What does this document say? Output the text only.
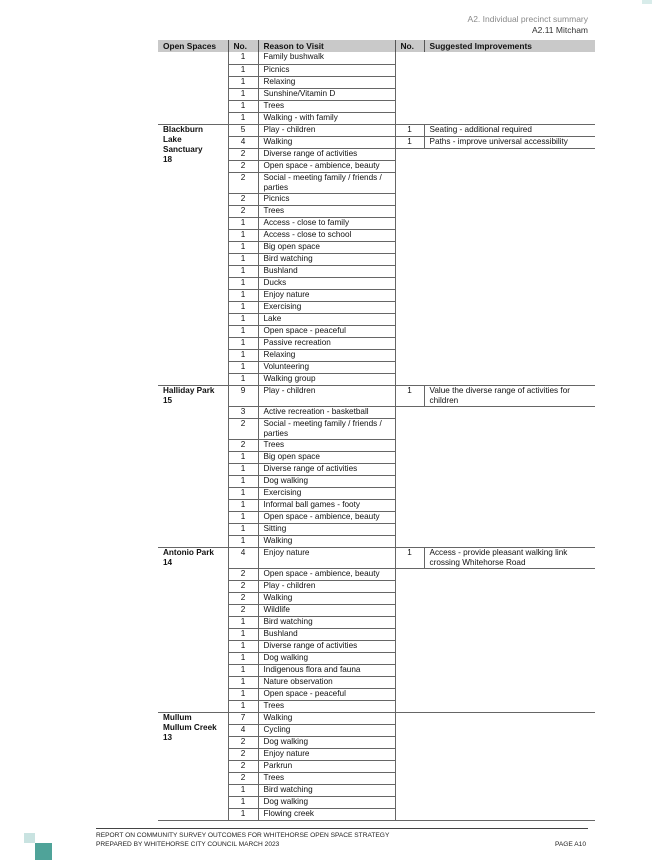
A2. Individual precinct summary
A2.11 Mitcham
Open Spaces	No.	Reason to Visit	No.	Suggested Improvements
	1	Family bushwalk		
	1	Picnics		
	1	Relaxing		
	1	Sunshine/Vitamin D		
	1	Trees		
	1	Walking - with family		

Blackburn
Lake
Sanctuary
18	5	Play - children	1	Seating - additional required
	4	Walking	1	Paths - improve universal accessibility
	2	Diverse range of activities		
	2	Open space - ambience, beauty		
	2	Social - meeting family / friends / parties		
	2	Picnics		
	2	Trees		
	1	Access - close to family		
	1	Access - close to school		
	1	Big open space		
	1	Bird watching		
	1	Bushland		
	1	Ducks		
	1	Enjoy nature		
	1	Exercising		
	1	Lake		
	1	Open space - peaceful		
	1	Passive recreation		
	1	Relaxing		
	1	Volunteering		
	1	Walking group		

Halliday Park
15	9	Play - children	1	Value the diverse range of activities for children
	3	Active recreation - basketball		
	2	Social - meeting family / friends / parties		
	2	Trees		
	1	Big open space		
	1	Diverse range of activities		
	1	Dog walking		
	1	Exercising		
	1	Informal ball games - footy		
	1	Open space - ambience, beauty		
	1	Sitting		
	1	Walking		

Antonio Park
14	4	Enjoy nature	1	Access - provide pleasant walking link crossing Whitehorse Road
	2	Open space - ambience, beauty		
	2	Play - children		
	2	Walking		
	2	Wildlife		
	1	Bird watching		
	1	Bushland		
	1	Diverse range of activities		
	1	Dog walking		
	1	Indigenous flora and fauna		
	1	Nature observation		
	1	Open space - peaceful		
	1	Trees		

Mullum
Mullum Creek
13	7	Walking		
	4	Cycling		
	2	Dog walking		
	2	Enjoy nature		
	2	Parkrun		
	2	Trees		
	1	Bird watching		
	1	Dog walking		
	1	Flowing creek		
REPORT ON COMMUNITY SURVEY OUTCOMES FOR WHITEHORSE OPEN SPACE STRATEGY
PREPARED BY WHITEHORSE CITY COUNCIL MARCH 2023	PAGE A10
